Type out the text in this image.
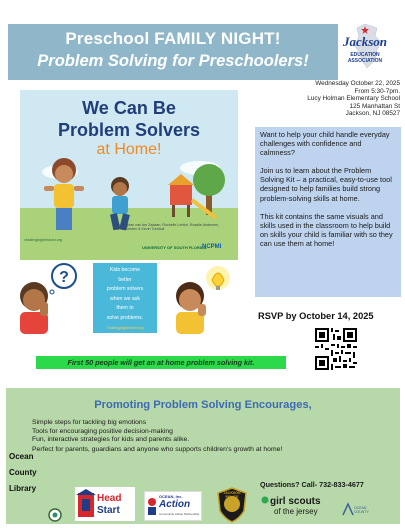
Preschool FAMILY NIGHT!
Problem Solving for Preschoolers!
Jackson
EDUCATION
ASSOCIATION
Wednesday October 22, 2025
From 5:30-7pm.
Lucy Holman Elementary School
125 Manhattan St
Jackson, NJ 08527
We Can Be
Problem Solvers
at Home!
By Meghan van der Zadaan, Rochelle Lentini, Rosalie Andersen, Ilene Wenten & Kevin Turnbull
challengingbehavior.org
UNIVERSITY OF SOUTH FLORIDA
NCPMI

Want to help your child handle everyday challenges with confidence and calmness?

Join us to learn about the Problem Solving Kit – a practical, easy-to-use tool designed to help families build strong problem-solving skills at home.

This kit contains the same visuals and skills used in the classroom to help build on skills your child is familiar with so they can use them at home!

?	Kids become
better
problem solvers
when we ask
them to
solve problems.
ChallengingBehavior.org
RSVP by October 14, 2025
First 50 people will get an at home problem solving kit.
Promoting Problem Solving Encourages,
Simple steps for tackling big emotions
Tools for encouraging positive decision-making
Fun, interactive strategies for kids and parents alike.
Perfect for parents, guardians and anyone who supports children's growth at home!
Questions? Call- 732-833-4677
Ocean
County
Library
Head
Start
OCEAN, Inc.
Action
Community Action Partnership
JACKSON POLICE	girl scouts
of the jersey	OCEAN COUNTY
